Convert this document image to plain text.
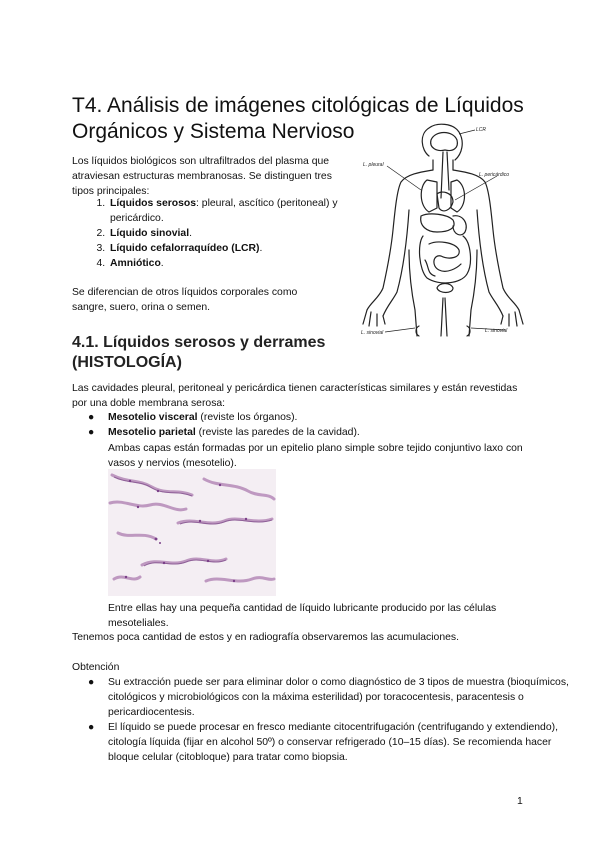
T4. Análisis de imágenes citológicas de Líquidos Orgánicos y Sistema Nervioso

Los líquidos biológicos son ultrafiltrados del plasma que atraviesan estructuras membranosas. Se distinguen tres tipos principales:

1. Líquidos serosos: pleural, ascítico (peritoneal) y pericárdico.
2. Líquido sinovial.
3. Líquido cefalorraquídeo (LCR).
4. Amniótico.

Se diferencian de otros líquidos corporales como sangre, suero, orina o semen.

LCR
L. pleural
L. pericárdico
L. sinovial	L. sinovial
4.1. Líquidos serosos y derrames (HISTOLOGÍA)

Las cavidades pleural, peritoneal y pericárdica tienen características similares y están revestidas por una doble membrana serosa:

● Mesotelio visceral (reviste los órganos).
● Mesotelio parietal (reviste las paredes de la cavidad).

Ambas capas están formadas por un epitelio plano simple sobre tejido conjuntivo laxo con vasos y nervios (mesotelio).

Entre ellas hay una pequeña cantidad de líquido lubricante producido por las células mesoteliales.

Tenemos poca cantidad de estos y en radiografía observaremos las acumulaciones.

Obtención

● Su extracción puede ser para eliminar dolor o como diagnóstico de 3 tipos de muestra (bioquímicos, citológicos y microbiológicos con la máxima esterilidad) por toracocentesis, paracentesis o pericardiocentesis.
● El líquido se puede procesar en fresco mediante citocentrifugación (centrifugando y extendiendo), citología líquida (fijar en alcohol 50º) o conservar refrigerado (10–15 días). Se recomienda hacer bloque celular (citobloque) para tratar como biopsia.
1
